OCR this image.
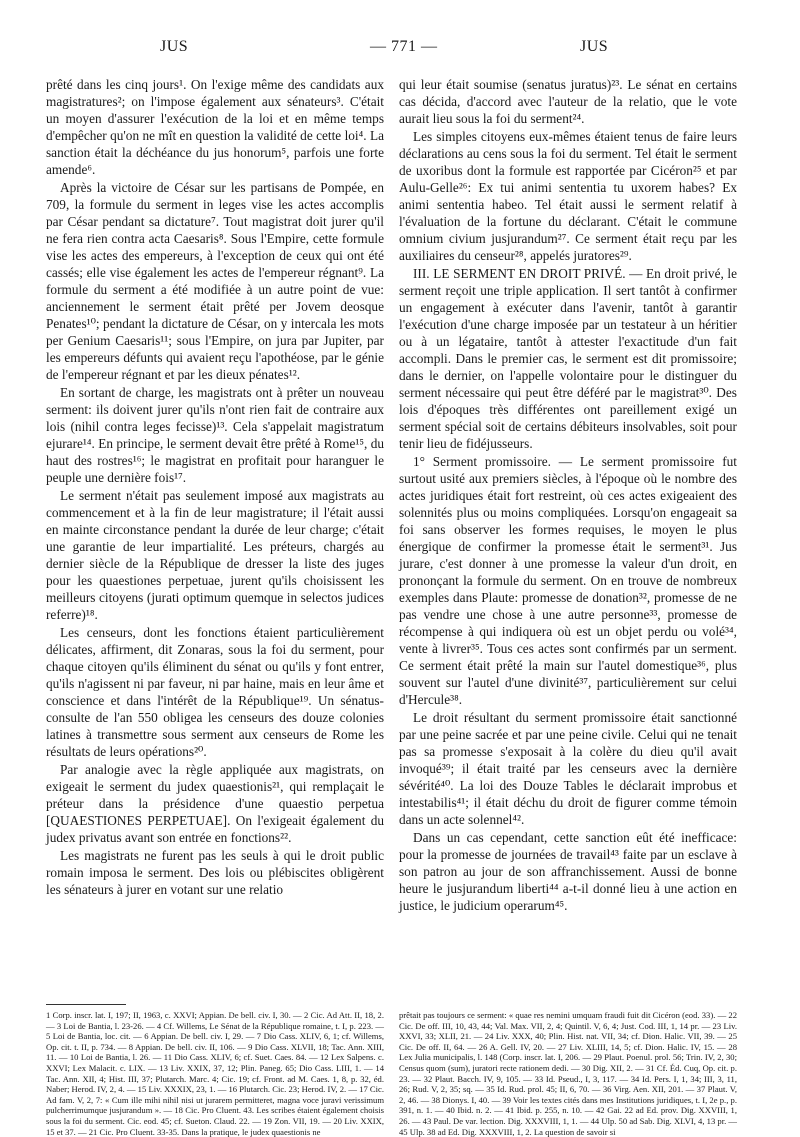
JUS	— 771 —	JUS

prêté dans les cinq jours¹. On l'exige même des candidats aux magistratures²; on l'impose également aux sénateurs³. C'était un moyen d'assurer l'exécution de la loi et en même temps d'empêcher qu'on ne mît en question la validité de cette loi⁴. La sanction était la déchéance du jus honorum⁵, parfois une forte amende⁶.

Après la victoire de César sur les partisans de Pompée, en 709, la formule du serment in leges vise les actes accomplis par César pendant sa dictature⁷. Tout magistrat doit jurer qu'il ne fera rien contra acta Caesaris⁸. Sous l'Empire, cette formule vise les actes des empereurs, à l'exception de ceux qui ont été cassés; elle vise également les actes de l'empereur régnant⁹. La formule du serment a été modifiée à un autre point de vue: anciennement le serment était prêté per Jovem deosque Penates¹⁰; pendant la dictature de César, on y intercala les mots per Genium Caesaris¹¹; sous l'Empire, on jura par Jupiter, par les empereurs défunts qui avaient reçu l'apothéose, par le génie de l'empereur régnant et par les dieux pénates¹².

En sortant de charge, les magistrats ont à prêter un nouveau serment: ils doivent jurer qu'ils n'ont rien fait de contraire aux lois (nihil contra leges fecisse)¹³. Cela s'appelait magistratum ejurare¹⁴. En principe, le serment devait être prêté à Rome¹⁵, du haut des rostres¹⁶; le magistrat en profitait pour haranguer le peuple une dernière fois¹⁷.

Le serment n'était pas seulement imposé aux magistrats au commencement et à la fin de leur magistrature; il l'était aussi en mainte circonstance pendant la durée de leur charge; c'était une garantie de leur impartialité. Les préteurs, chargés au dernier siècle de la République de dresser la liste des juges pour les quaestiones perpetuae, jurent qu'ils choisissent les meilleurs citoyens (jurati optimum quemque in selectos judices referre)¹⁸.

Les censeurs, dont les fonctions étaient particulièrement délicates, affirment, dit Zonaras, sous la foi du serment, pour chaque citoyen qu'ils éliminent du sénat ou qu'ils y font entrer, qu'ils n'agissent ni par faveur, ni par haine, mais en leur âme et conscience et dans l'intérêt de la République¹⁹. Un sénatus-consulte de l'an 550 obligea les censeurs des douze colonies latines à transmettre sous serment aux censeurs de Rome les résultats de leurs opérations²⁰.

Par analogie avec la règle appliquée aux magistrats, on exigeait le serment du judex quaestionis²¹, qui remplaçait le préteur dans la présidence d'une quaestio perpetua [QUAESTIONES PERPETUAE]. On l'exigeait également du judex privatus avant son entrée en fonctions²².

Les magistrats ne furent pas les seuls à qui le droit public romain imposa le serment. Des lois ou plébiscites obligèrent les sénateurs à jurer en votant sur une relatio

qui leur était soumise (senatus juratus)²³. Le sénat en certains cas décida, d'accord avec l'auteur de la relatio, que le vote aurait lieu sous la foi du serment²⁴.

Les simples citoyens eux-mêmes étaient tenus de faire leurs déclarations au cens sous la foi du serment. Tel était le serment de uxoribus dont la formule est rapportée par Cicéron²⁵ et par Aulu-Gelle²⁶: Ex tui animi sententia tu uxorem habes? Ex animi sententia habeo. Tel était aussi le serment relatif à l'évaluation de la fortune du déclarant. C'était le commune omnium civium jusjurandum²⁷. Ce serment était reçu par les auxiliaires du censeur²⁸, appelés juratores²⁹.

III. LE SERMENT EN DROIT PRIVÉ. — En droit privé, le serment reçoit une triple application. Il sert tantôt à confirmer un engagement à exécuter dans l'avenir, tantôt à garantir l'exécution d'une charge imposée par un testateur à un héritier ou à un légataire, tantôt à attester l'exactitude d'un fait accompli. Dans le premier cas, le serment est dit promissoire; dans le dernier, on l'appelle volontaire pour le distinguer du serment nécessaire qui peut être déféré par le magistrat³⁰. Des lois d'époques très différentes ont pareillement exigé un serment spécial soit de certains débiteurs insolvables, soit pour tenir lieu de fidéjusseurs.

1° Serment promissoire. — Le serment promissoire fut surtout usité aux premiers siècles, à l'époque où le nombre des actes juridiques était fort restreint, où ces actes exigeaient des solennités plus ou moins compliquées. Lorsqu'on engageait sa foi sans observer les formes requises, le moyen le plus énergique de confirmer la promesse était le serment³¹. Jus jurare, c'est donner à une promesse la valeur d'un droit, en prononçant la formule du serment. On en trouve de nombreux exemples dans Plaute: promesse de donation³², promesse de ne pas vendre une chose à une autre personne³³, promesse de récompense à qui indiquera où est un objet perdu ou volé³⁴, vente à livrer³⁵. Tous ces actes sont confirmés par un serment. Ce serment était prêté la main sur l'autel domestique³⁶, plus souvent sur l'autel d'une divinité³⁷, particulièrement sur celui d'Hercule³⁸.

Le droit résultant du serment promissoire était sanctionné par une peine sacrée et par une peine civile. Celui qui ne tenait pas sa promesse s'exposait à la colère du dieu qu'il avait invoqué³⁹; il était traité par les censeurs avec la dernière sévérité⁴⁰. La loi des Douze Tables le déclarait improbus et intestabilis⁴¹; il était déchu du droit de figurer comme témoin dans un acte solennel⁴².

Dans un cas cependant, cette sanction eût été inefficace: pour la promesse de journées de travail⁴³ faite par un esclave à son patron au jour de son affranchissement. Aussi de bonne heure le jusjurandum liberti⁴⁴ a-t-il donné lieu à une action en justice, le judicium operarum⁴⁵.

1 Corp. inscr. lat. I, 197; II, 1963, c. XXVI; Appian. De bell. civ. I, 30. — 2 Cic. Ad Att. II, 18, 2. — 3 Loi de Bantia, l. 23-26. — 4 Cf. Willems, Le Sénat de la République romaine, t. I, p. 223. — 5 Loi de Bantia, loc. cit. — 6 Appian. De bell. civ. I, 29. — 7 Dio Cass. XLIV, 6, 1; cf. Willems, Op. cit. t. II, p. 734. — 8 Appian. De bell. civ. II, 106. — 9 Dio Cass. XLVII, 18; Tac. Ann. XIII, 11. — 10 Loi de Bantia, l. 26. — 11 Dio Cass. XLIV, 6; cf. Suet. Caes. 84. — 12 Lex Salpens. c. XXVI; Lex Malacit. c. LIX. — 13 Liv. XXIX, 37, 12; Plin. Paneg. 65; Dio Cass. LIII, 1. — 14 Tac. Ann. XII, 4; Hist. III, 37; Plutarch. Marc. 4; Cic. 19; cf. Front. ad M. Caes. 1, 8, p. 32, éd. Naber; Herod. IV, 2, 4. — 15 Liv. XXXIX, 23, 1. — 16 Plutarch. Cic. 23; Herod. IV, 2. — 17 Cic. Ad fam. V, 2, 7: « Cum ille mihi nihil nisi ut jurarem permitteret, magna voce juravi verissimum pulcherrimumque jusjurandum ». — 18 Cic. Pro Cluent. 43. Les scribes étaient également choisis sous la foi du serment. Cic. eod. 45; cf. Sueton. Claud. 22. — 19 Zon. VII, 19. — 20 Liv. XXIX, 15 et 37. — 21 Cic. Pro Cluent. 33-35. Dans la pratique, le judex quaestionis ne

prêtait pas toujours ce serment: « quae res nemini umquam fraudi fuit dit Cicéron (eod. 33). — 22 Cic. De off. III, 10, 43, 44; Val. Max. VII, 2, 4; Quintil. V, 6, 4; Just. Cod. III, 1, 14 pr. — 23 Liv. XXVI, 33; XLII, 21. — 24 Liv. XXX, 40; Plin. Hist. nat. VII, 34; cf. Dion. Halic. VII, 39. — 25 Cic. De off. II, 64. — 26 A. Gell. IV, 20. — 27 Liv. XLIII, 14, 5; cf. Dion. Halic. IV, 15. — 28 Lex Julia municipalis, l. 148 (Corp. inscr. lat. I, 206. — 29 Plaut. Poenul. prol. 56; Trin. IV, 2, 30; Census quom (sum), juratori recte rationem dedi. — 30 Dig. XII, 2. — 31 Cf. Éd. Cuq, Op. cit. p. 23. — 32 Plaut. Bacch. IV, 9, 105. — 33 Id. Pseud., I, 3, 117. — 34 Id. Pers. I, 1, 34; III, 3, 11, 26; Rud. V, 2, 35; sq. — 35 Id. Rud. prol. 45; II, 6, 70. — 36 Virg. Aen. XII, 201. — 37 Plaut. V, 2, 46. — 38 Dionys. I, 40. — 39 Voir les textes cités dans mes Institutions juridiques, t. I, 2e p., p. 391, n. 1. — 40 Ibid. n. 2. — 41 Ibid. p. 255, n. 10. — 42 Gai. 22 ad Ed. prov. Dig. XXVIII, 1, 26. — 43 Paul. De var. lection. Dig. XXXVIII, 1, 1. — 44 Ulp. 50 ad Sab. Dig. XLVI, 4, 13 pr. — 45 Ulp. 38 ad Ed. Dig. XXXVIII, 1, 2. La question de savoir si
